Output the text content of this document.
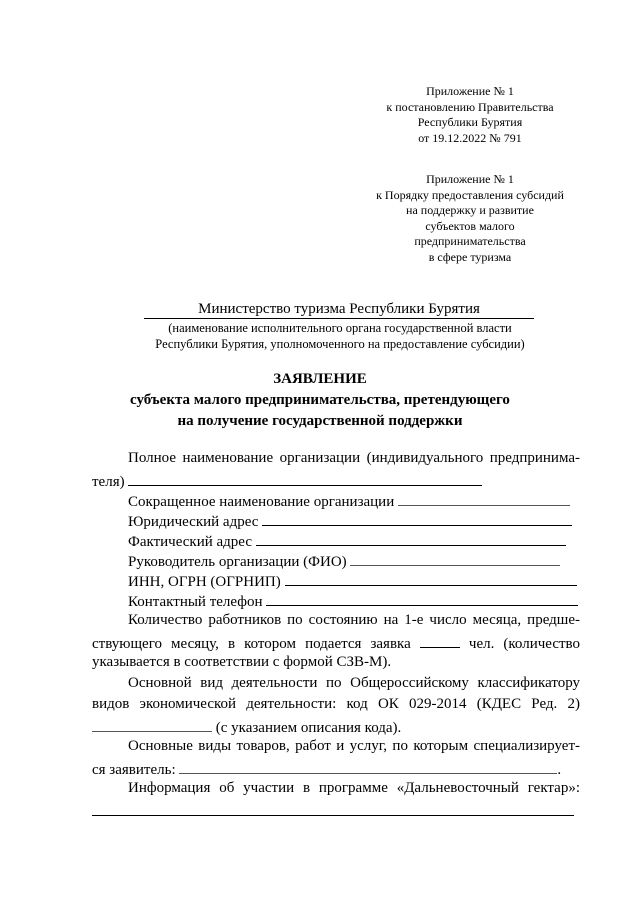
Приложение № 1
к постановлению Правительства
Республики Бурятия
от 19.12.2022 № 791
Приложение № 1
к Порядку предоставления субсидий
на поддержку и развитие
субъектов малого
предпринимательства
в сфере туризма
Министерство туризма Республики Бурятия
(наименование исполнительного органа государственной власти
Республики Бурятия, уполномоченного на предоставление субсидии)
ЗАЯВЛЕНИЕ
субъекта малого предпринимательства, претендующего
на получение государственной поддержки
Полное наименование организации (индивидуального предпринима-
теля)
Сокращенное наименование организации
Юридический адрес
Фактический адрес
Руководитель организации (ФИО)
ИНН, ОГРН (ОГРНИП)
Контактный телефон
Количество работников по состоянию на 1-е число месяца, предше-
ствующего месяцу, в котором подается заявка	чел. (количество
указывается в соответствии с формой СЗВ-М).
Основной вид деятельности по Общероссийскому классификатору
видов экономической деятельности: код ОК 029-2014 (КДЕС Ред. 2)
(с указанием описания кода).
Основные виды товаров, работ и услуг, по которым специализирует-
ся заявитель:	.
Информация об участии в программе «Дальневосточный гектар»:
